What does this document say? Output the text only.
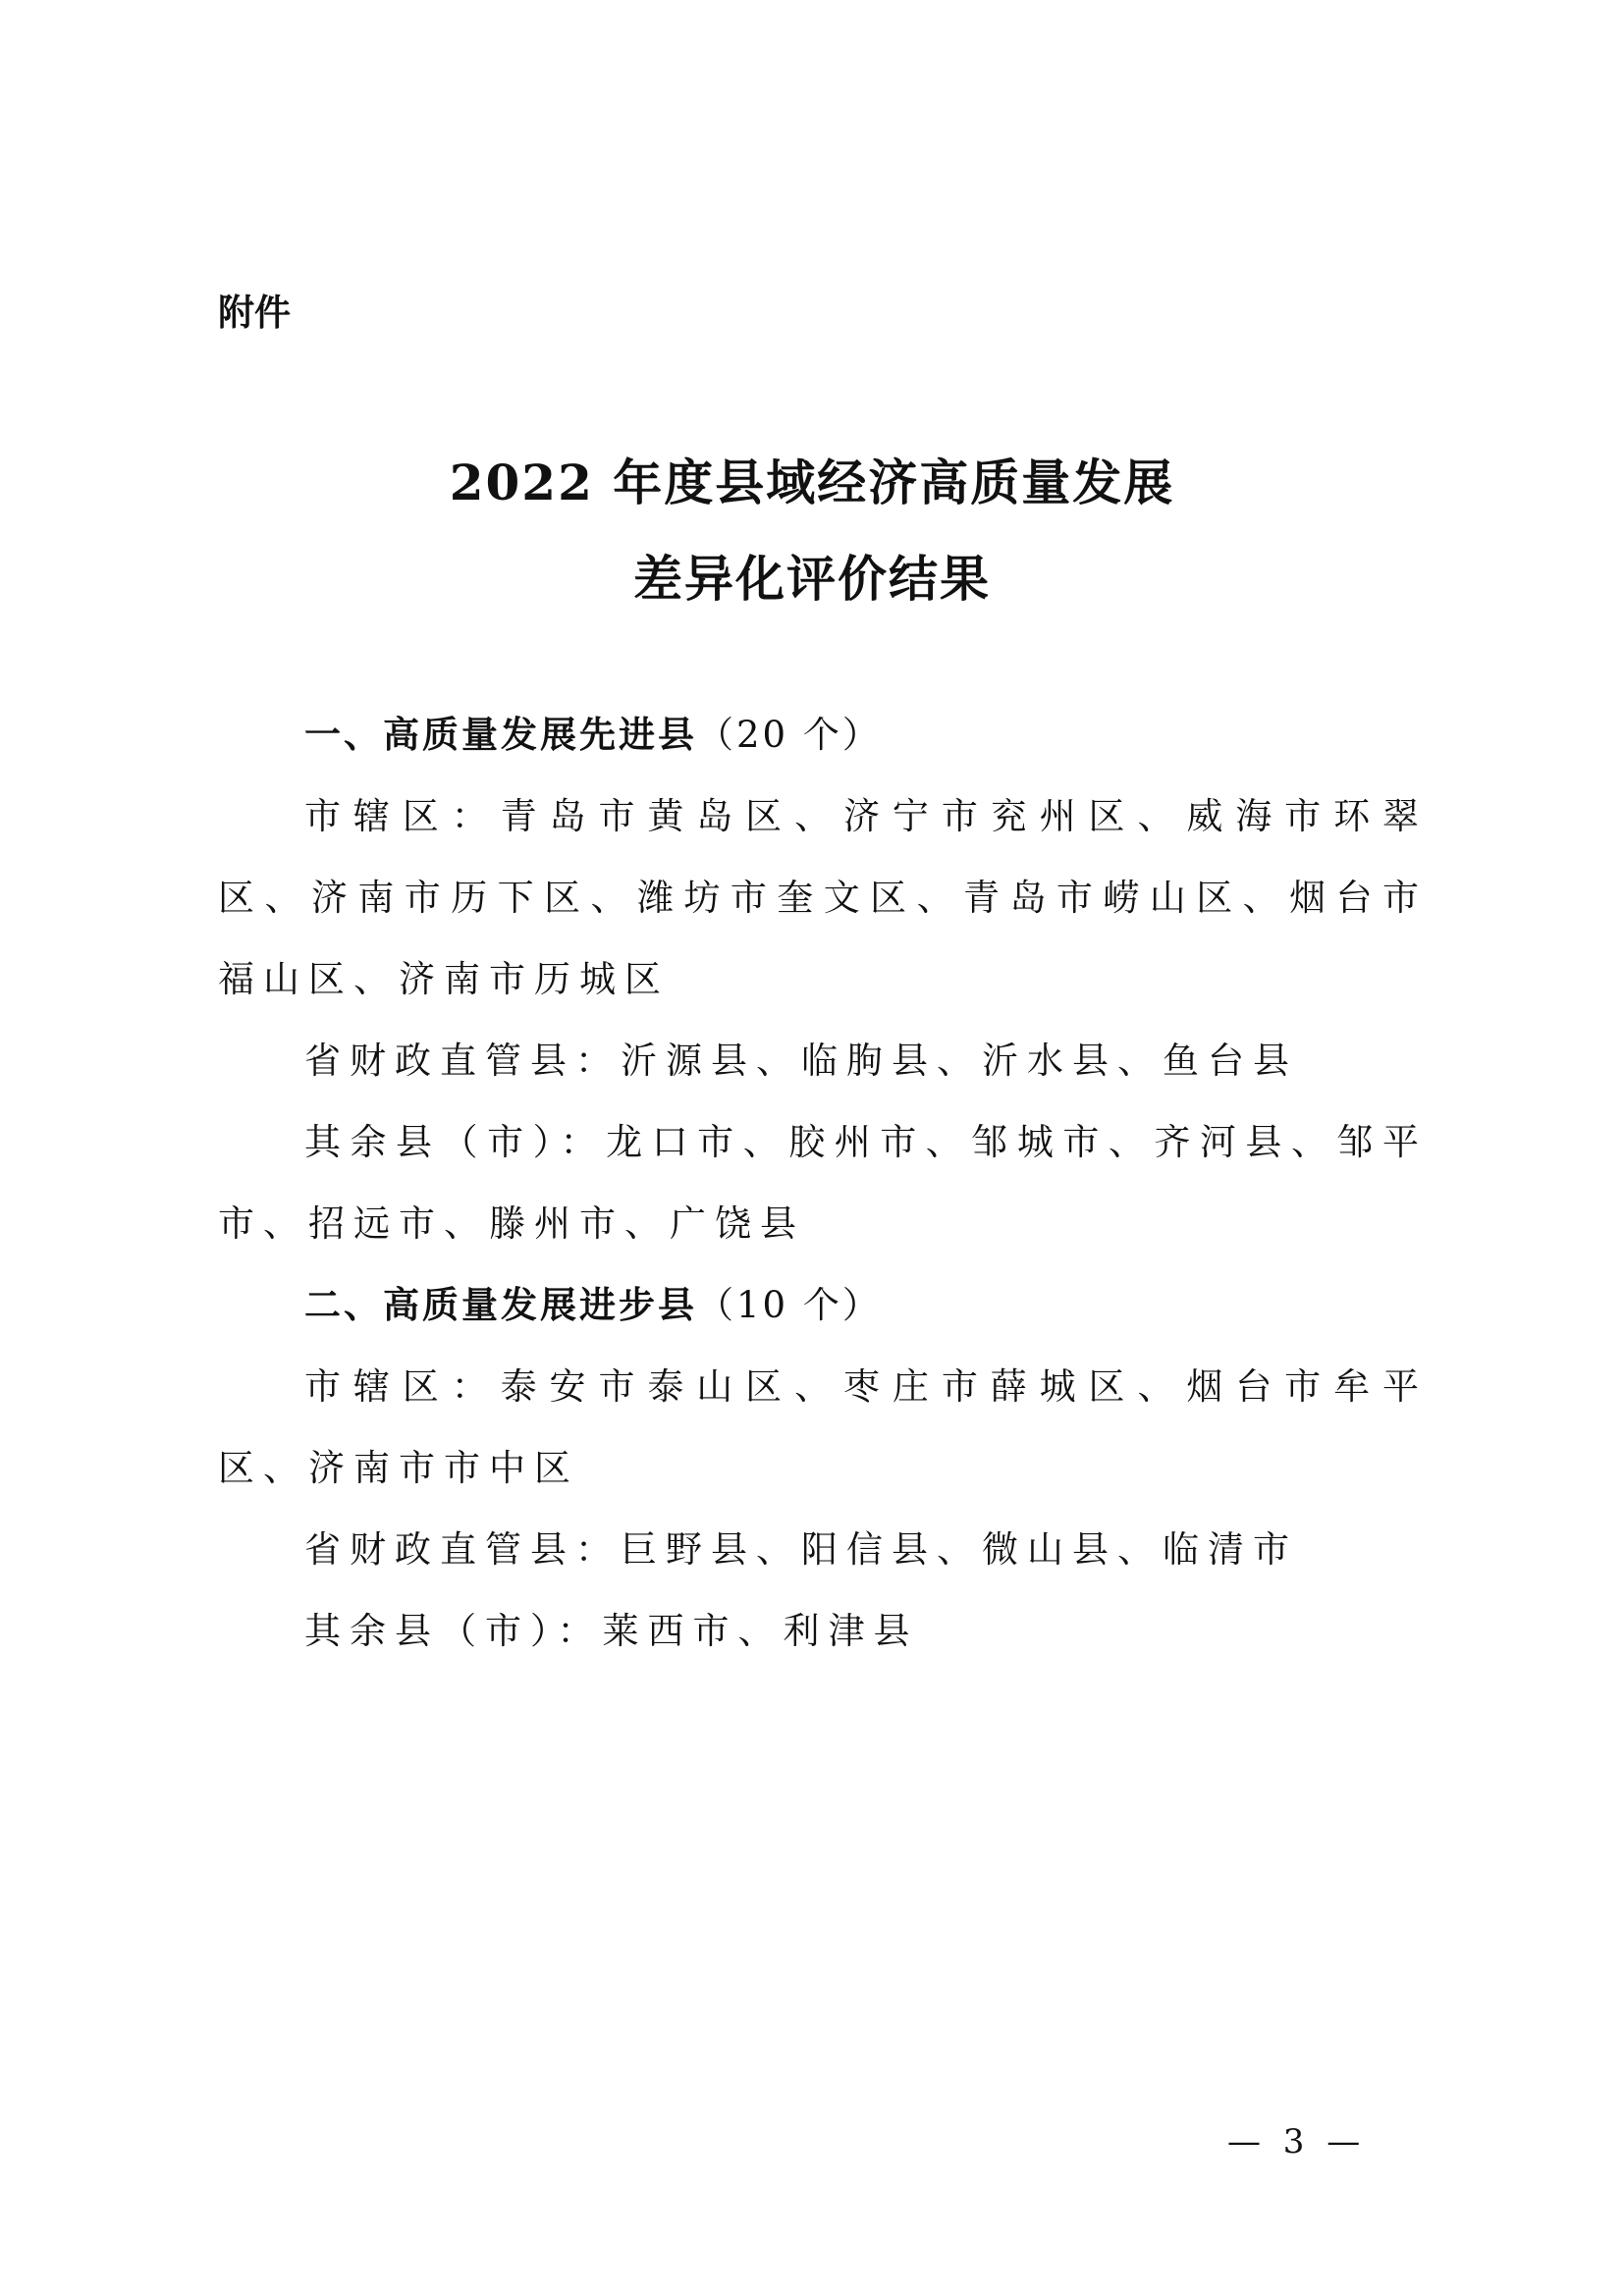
附件
2022 年度县域经济高质量发展
差异化评价结果

一、高质量发展先进县（20 个）

市辖区：青岛市黄岛区、济宁市兖州区、威海市环翠区、济南市历下区、潍坊市奎文区、青岛市崂山区、烟台市福山区、济南市历城区

省财政直管县：沂源县、临朐县、沂水县、鱼台县

其余县（市）：龙口市、胶州市、邹城市、齐河县、邹平市、招远市、滕州市、广饶县

二、高质量发展进步县（10 个）

市辖区：泰安市泰山区、枣庄市薛城区、烟台市牟平区、济南市市中区

省财政直管县：巨野县、阳信县、微山县、临清市

其余县（市）：莱西市、利津县

— 3 —
